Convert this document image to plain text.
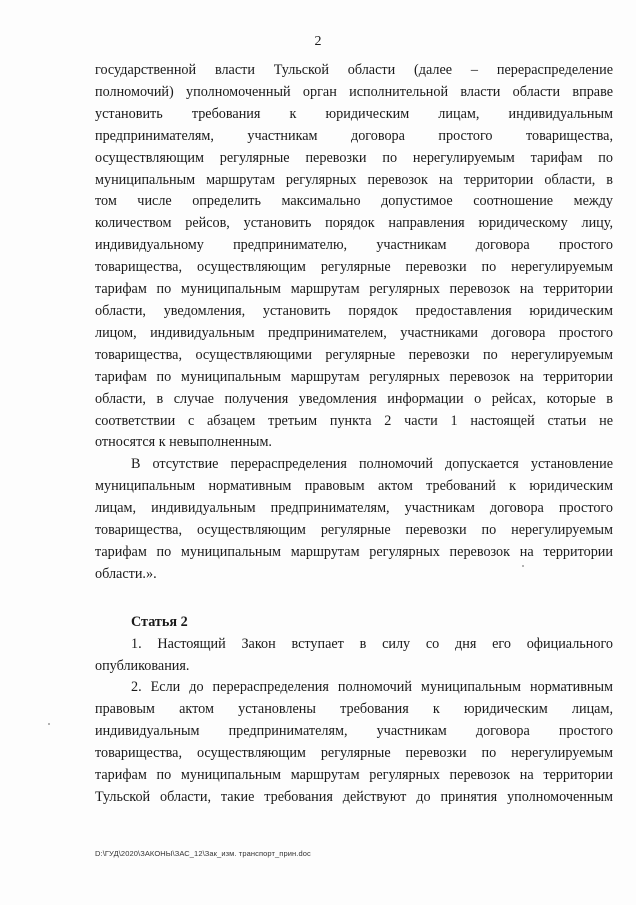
2
государственной власти Тульской области (далее – перераспределение
полномочий) уполномоченный орган исполнительной власти области вправе
установить требования к юридическим лицам, индивидуальным
предпринимателям, участникам договора простого товарищества,
осуществляющим регулярные перевозки по нерегулируемым тарифам по
муниципальным маршрутам регулярных перевозок на территории области, в
том числе определить максимально допустимое соотношение между
количеством рейсов, установить порядок направления юридическому лицу,
индивидуальному предпринимателю, участникам договора простого
товарищества, осуществляющим регулярные перевозки по нерегулируемым
тарифам по муниципальным маршрутам регулярных перевозок на территории
области, уведомления, установить порядок предоставления юридическим
лицом, индивидуальным предпринимателем, участниками договора простого
товарищества, осуществляющими регулярные перевозки по нерегулируемым
тарифам по муниципальным маршрутам регулярных перевозок на территории
области, в случае получения уведомления информации о рейсах, которые в
соответствии с абзацем третьим пункта 2 части 1 настоящей статьи не
относятся к невыполненным.
В отсутствие перераспределения полномочий допускается установление
муниципальным нормативным правовым актом требований к юридическим
лицам, индивидуальным предпринимателям, участникам договора простого
товарищества, осуществляющим регулярные перевозки по нерегулируемым
тарифам по муниципальным маршрутам регулярных перевозок на территории
области.».
Статья 2
1. Настоящий Закон вступает в силу со дня его официального
опубликования.
2. Если до перераспределения полномочий муниципальным нормативным
правовым актом установлены требования к юридическим лицам,
индивидуальным предпринимателям, участникам договора простого
товарищества, осуществляющим регулярные перевозки по нерегулируемым
тарифам по муниципальным маршрутам регулярных перевозок на территории
Тульской области, такие требования действуют до принятия уполномоченным
D:\ГУД\2020\ЗАКОНЫ\ЗАС_12\Зак_изм. транспорт_прин.doc
